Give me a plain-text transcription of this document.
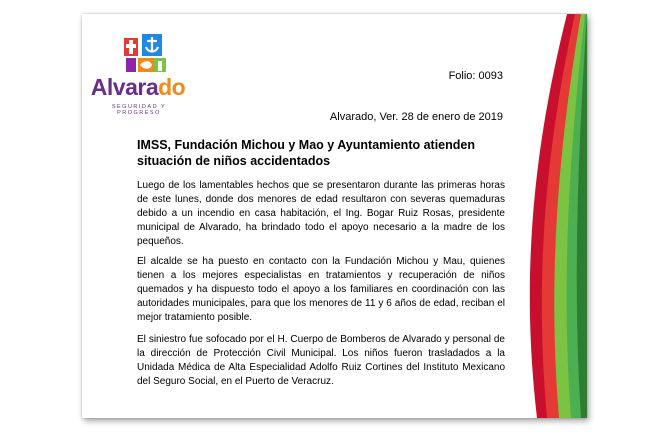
Alvarado
SEGURIDAD Y PROGRESO
Folio: 0093
Alvarado, Ver. 28 de enero de 2019
IMSS, Fundación Michou y Mao y Ayuntamiento atienden situación de niños accidentados

Luego de los lamentables hechos que se presentaron durante las primeras horas de este lunes, donde dos menores de edad resultaron con severas quemaduras debido a un incendio en casa habitación, el Ing. Bogar Ruiz Rosas, presidente municipal de Alvarado, ha brindado todo el apoyo necesario a la madre de los pequeños.

El alcalde se ha puesto en contacto con la Fundación Michou y Mau, quienes tienen a los mejores especialistas en tratamientos y recuperación de niños quemados y ha dispuesto todo el apoyo a los familiares en coordinación con las autoridades municipales, para que los menores de 11 y 6 años de edad, reciban el mejor tratamiento posible.

El siniestro fue sofocado por el H. Cuerpo de Bomberos de Alvarado y personal de la dirección de Protección Civil Municipal. Los niños fueron trasladados a la Unidada Médica de Alta Especialidad Adolfo Ruiz Cortines del Instituto Mexicano del Seguro Social, en el Puerto de Veracruz.
